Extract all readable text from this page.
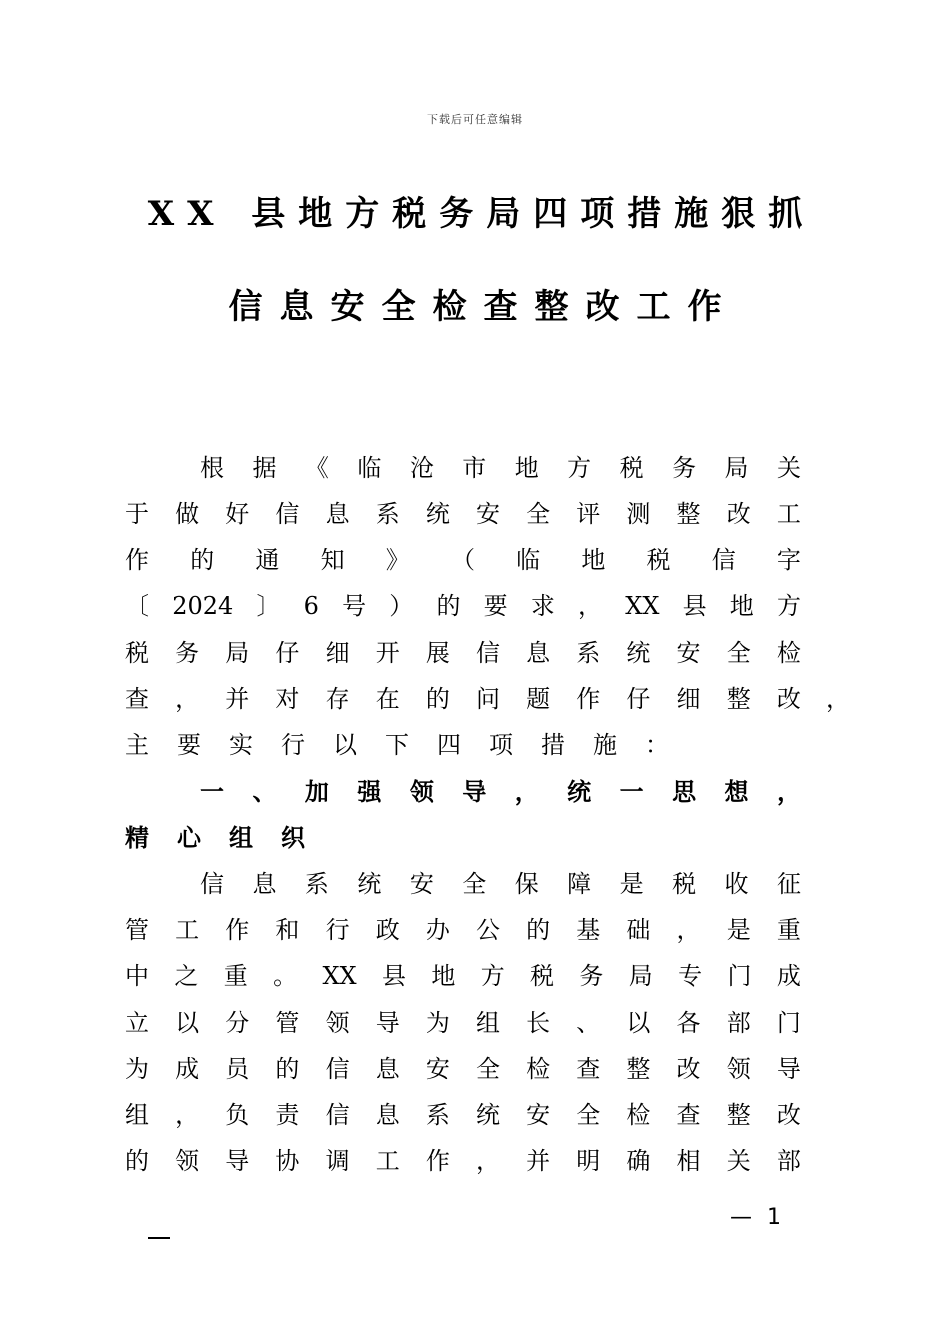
下载后可任意编辑
XX 县地方税务局四项措施狠抓
信息安全检查整改工作
根 据 《 临 沧 市 地 方 税 务 局 关
于 做 好 信 息 系 统 安 全 评 测 整 改 工
作 的 通 知 》 （ 临 地 税 信 字
〔 2024 〕 6 号 ） 的 要 求 ， XX 县 地 方
税 务 局 仔 细 开 展 信 息 系 统 安 全 检
查 ， 并 对 存 在 的 问 题 作 仔 细 整 改
主 要 实 行 以 下 四 项 措 施 ：
一 、 加 强 领 导 ， 统 一 思 想 ，
精 心 组 织
信 息 系 统 安 全 保 障 是 税 收 征
管 工 作 和 行 政 办 公 的 基 础 ， 是 重
中 之 重 。 XX 县 地 方 税 务 局 专 门 成
立 以 分 管 领 导 为 组 长 、 以 各 部 门
为 成 员 的 信 息 安 全 检 查 整 改 领 导
组 ， 负 责 信 息 系 统 安 全 检 查 整 改
的 领 导 协 调 工 作 ， 并 明 确 相 关 部
，
— 1
